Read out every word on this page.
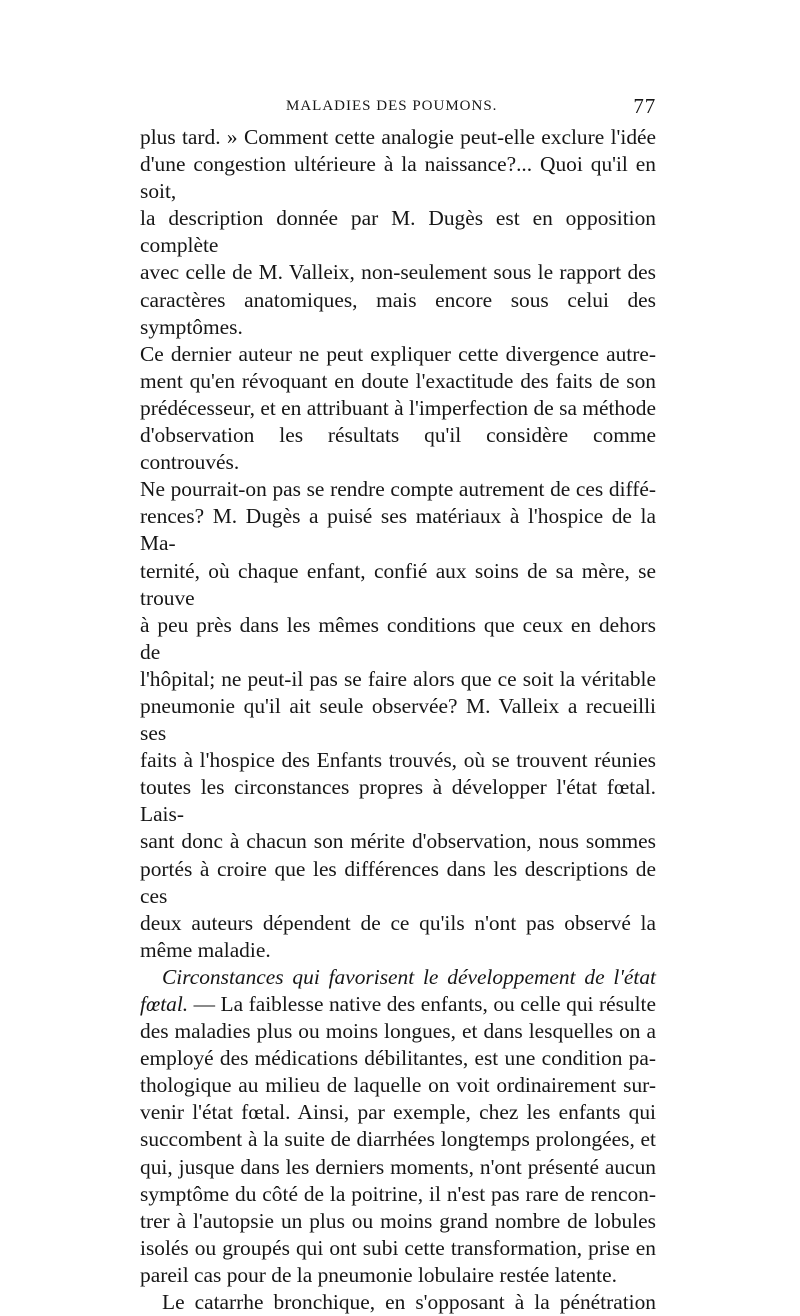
MALADIES DES POUMONS.	77

plus tard. » Comment cette analogie peut-elle exclure l'idée

d'une congestion ultérieure à la naissance?... Quoi qu'il en soit,

la description donnée par M. Dugès est en opposition complète

avec celle de M. Valleix, non-seulement sous le rapport des

caractères anatomiques, mais encore sous celui des symptômes.

Ce dernier auteur ne peut expliquer cette divergence autre-

ment qu'en révoquant en doute l'exactitude des faits de son

prédécesseur, et en attribuant à l'imperfection de sa méthode

d'observation les résultats qu'il considère comme controuvés.

Ne pourrait-on pas se rendre compte autrement de ces diffé-

rences? M. Dugès a puisé ses matériaux à l'hospice de la Ma-

ternité, où chaque enfant, confié aux soins de sa mère, se trouve

à peu près dans les mêmes conditions que ceux en dehors de

l'hôpital; ne peut-il pas se faire alors que ce soit la véritable

pneumonie qu'il ait seule observée? M. Valleix a recueilli ses

faits à l'hospice des Enfants trouvés, où se trouvent réunies

toutes les circonstances propres à développer l'état fœtal. Lais-

sant donc à chacun son mérite d'observation, nous sommes

portés à croire que les différences dans les descriptions de ces

deux auteurs dépendent de ce qu'ils n'ont pas observé la

même maladie.

Circonstances qui favorisent le développement de l'état

fœtal. — La faiblesse native des enfants, ou celle qui résulte

des maladies plus ou moins longues, et dans lesquelles on a

employé des médications débilitantes, est une condition pa-

thologique au milieu de laquelle on voit ordinairement sur-

venir l'état fœtal. Ainsi, par exemple, chez les enfants qui

succombent à la suite de diarrhées longtemps prolongées, et

qui, jusque dans les derniers moments, n'ont présenté aucun

symptôme du côté de la poitrine, il n'est pas rare de rencon-

trer à l'autopsie un plus ou moins grand nombre de lobules

isolés ou groupés qui ont subi cette transformation, prise en

pareil cas pour de la pneumonie lobulaire restée latente.

Le catarrhe bronchique, en s'opposant à la pénétration
